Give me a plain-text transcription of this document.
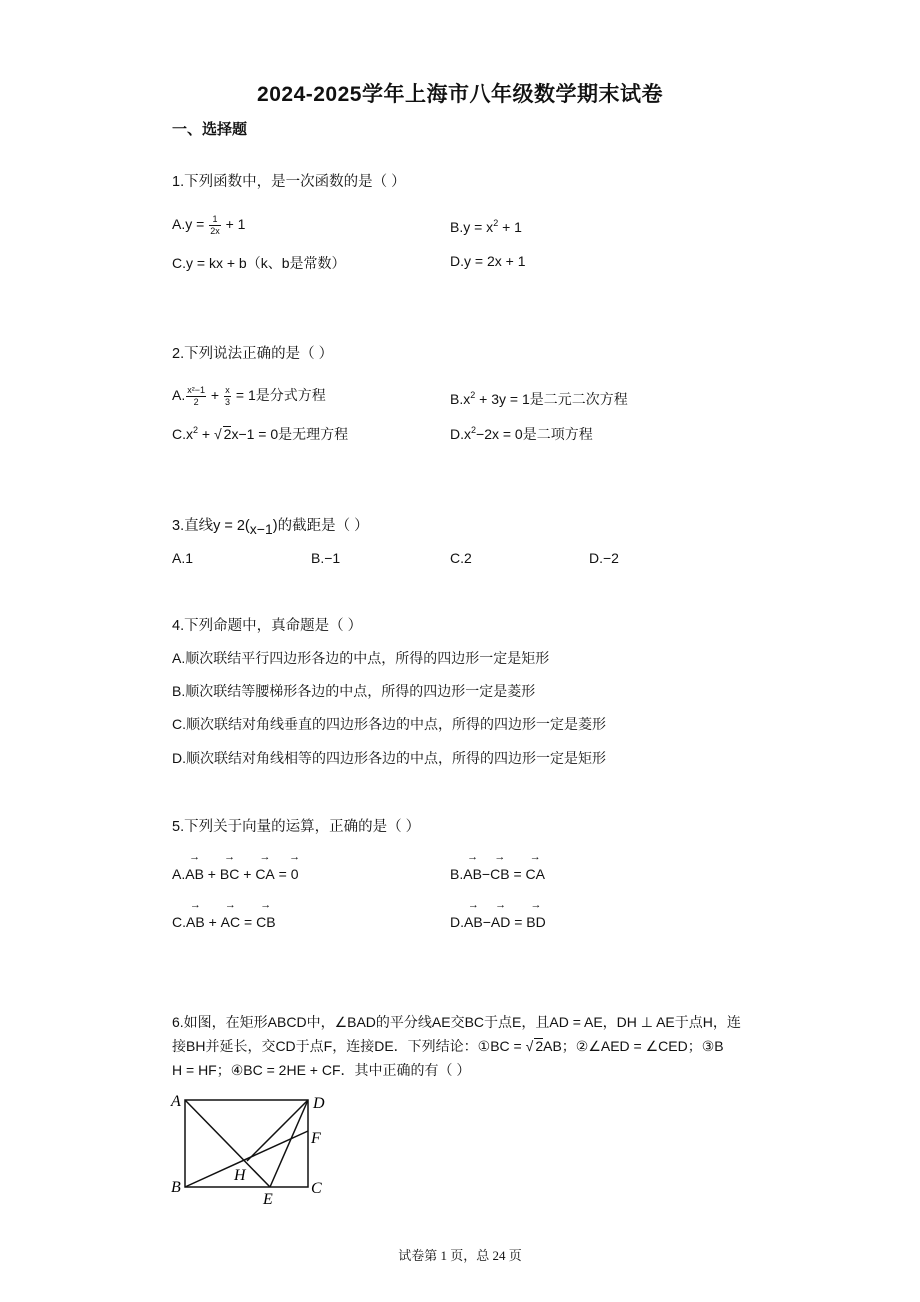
2024-2025学年上海市八年级数学期末试卷
一、选择题
1.下列函数中，是一次函数的是（ ）
$A.y = \frac{1}{2x} + 1$	$B.y = x^2 + 1$
C.y = kx + b（k、b是常数）	D.y = 2x + 1
2.下列说法正确的是（ ）
A. $\frac{\text{x²−1}}{2} + \frac{x}{3} = 1$是分式方程	$B.x^2 + 3y = 1$是二元二次方程
$C.x^2$ + √ 2x−1 = 0是无理方程	$D.x^2-2x = 0$是二项方程
3.直线y = 2(x−1)的截距是（ ）
A.1	B.−1	C.2	D.−2
4.下列命题中，真命题是（ ）
A.顺次联结平行四边形各边的中点，所得的四边形一定是矩形
B.顺次联结等腰梯形各边的中点，所得的四边形一定是菱形
C.顺次联结对角线垂直的四边形各边的中点，所得的四边形一定是菱形
D.顺次联结对角线相等的四边形各边的中点，所得的四边形一定是矩形
5.下列关于向量的运算，正确的是（ ）
A.→ AB + → BC + → CA = → 0	B.→ AB−→ CB = → CA
C.→ AB + → AC = → CB	D.→ AB−→ AD = → BD
6.如图，在矩形ABCD中，∠BAD的平分线AE交BC于点E，且AD = AE，DH ⊥ AE于点H，连
接BH并延长，交CD于点F，连接DE．下列结论：①BC = √ 2AB；②∠AED = ∠CED；③B
H = HF；④BC = 2HE + CF．其中正确的有（ ）
A	D
F
H
B	C
E
试卷第 1 页，总 24 页
